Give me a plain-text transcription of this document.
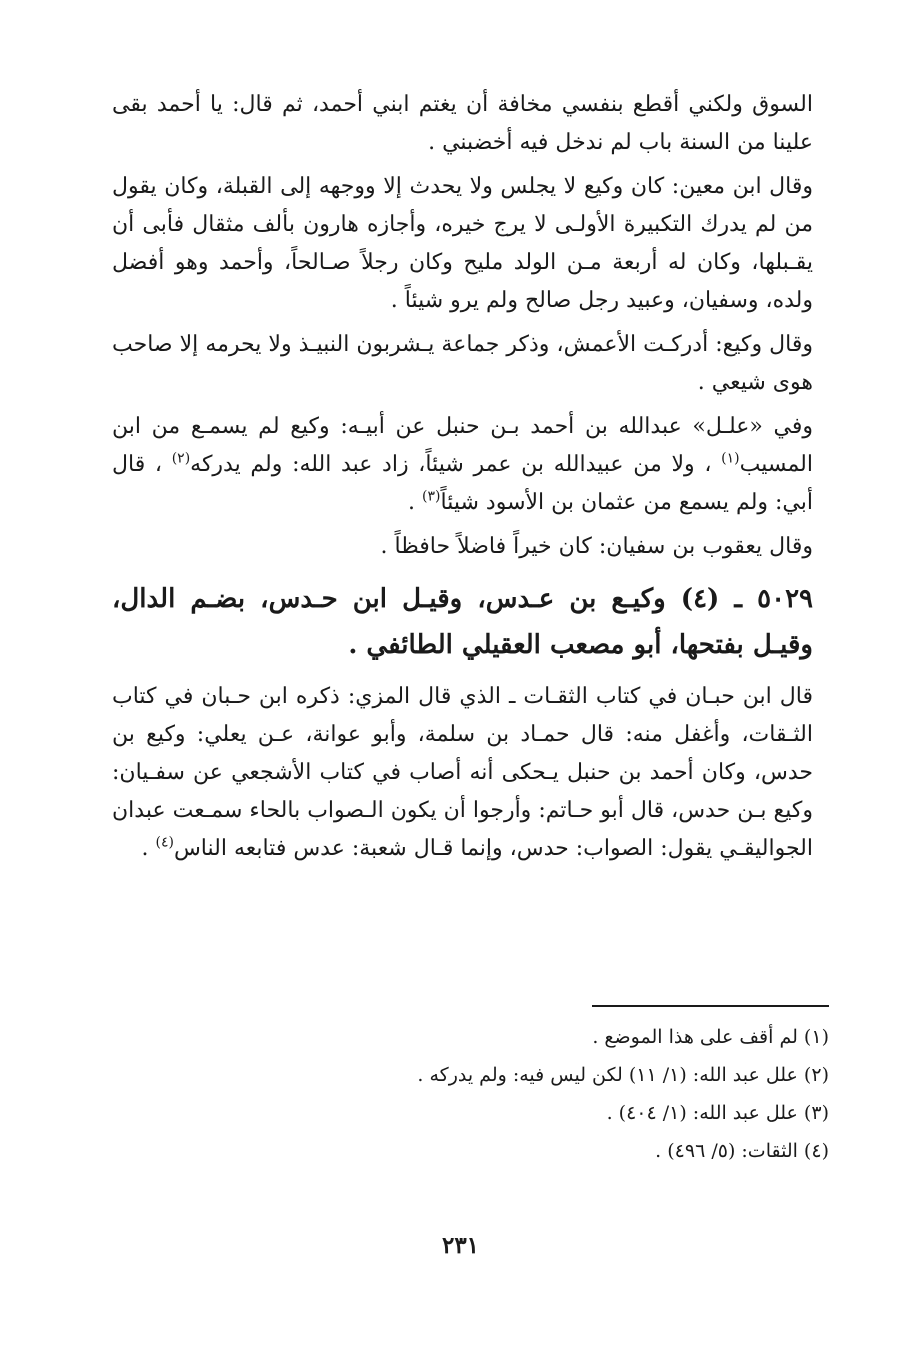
السوق ولكني أقطع بنفسي مخافة أن يغتم ابني أحمد، ثم قال: يا أحمد بقى علينا من السنة باب لم ندخل فيه أخضبني .

وقال ابن معين: كان وكيع لا يجلس ولا يحدث إلا ووجهه إلى القبلة، وكان يقول من لم يدرك التكبيرة الأولـى لا يرج خيره، وأجازه هارون بألف مثقال فأبى أن يقـبلها، وكان له أربعة مـن الولد مليح وكان رجلاً صـالحاً، وأحمد وهو أفضل ولده، وسفيان، وعبيد رجل صالح ولم يرو شيئاً .

وقال وكيع: أدركـت الأعمش، وذكر جماعة يـشربون النبيـذ ولا يحرمه إلا صاحب هوى شيعي .

وفي «علـل» عبدالله بن أحمد بـن حنبل عن أبيـه: وكيع لم يسمـع من ابن المسيب$^{(١)}$ ، ولا من عبيدالله بن عمر شيئاً، زاد عبد الله: ولم يدركه$^{(٢)}$ ، قال أبي: ولم يسمع من عثمان بن الأسود شيئاً$^{(٣)}$ .

وقال يعقوب بن سفيان: كان خيراً فاضلاً حافظاً .

٥٠٢٩ ـ (٤) وكيـع بن عـدس، وقيـل ابن حـدس، بضـم الدال، وقيـل بفتحها، أبو مصعب العقيلي الطائفي .

قال ابن حبـان في كتاب الثقـات ـ الذي قال المزي: ذكره ابن حـبان في كتاب الثـقات، وأغفل منه: قال حمـاد بن سلمة، وأبو عوانة، عـن يعلي: وكيع بن حدس، وكان أحمد بن حنبل يـحكى أنه أصاب في كتاب الأشجعي عن سفـيان: وكيع بـن حدس، قال أبو حـاتم: وأرجوا أن يكون الـصواب بالحاء سمـعت عبدان الجواليقـي يقول: الصواب: حدس، وإنما قـال شعبة: عدس فتابعه الناس$^{(٤)}$ .

(١) لم أقف على هذا الموضع .

(٢) علل عبد الله: (١/ ١١) لكن ليس فيه: ولم يدركه .

(٣) علل عبد الله: (١/ ٤٠٤) .

(٤) الثقات: (٥/ ٤٩٦) .

٢٣١
